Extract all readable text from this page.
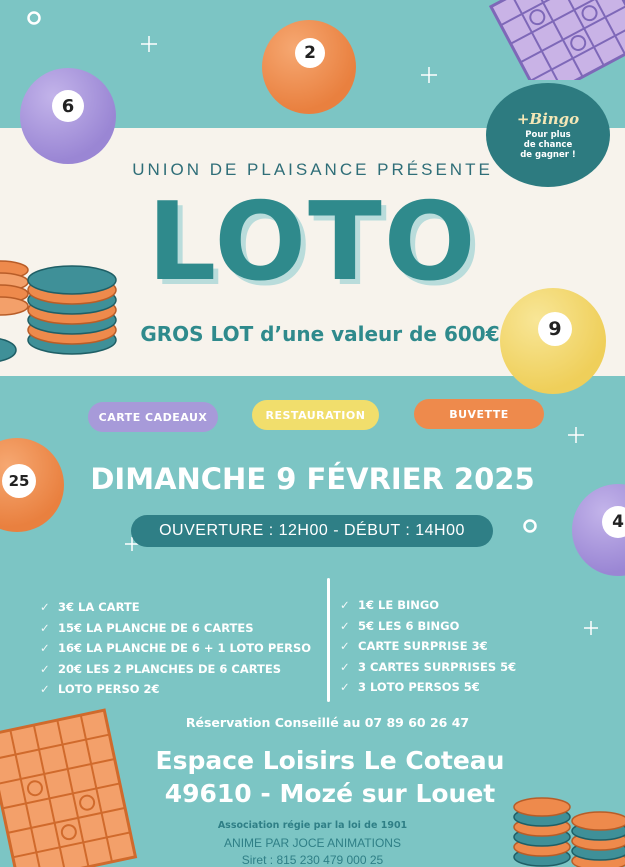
6
2
9
25
4
+Bingo
Pour plus
de chance
de gagner !
UNION DE PLAISANCE PRÉSENTE
LOTO
GROS LOT d’une valeur de 600€
CARTE CADEAUX	RESTAURATION	BUVETTE
DIMANCHE 9 FÉVRIER 2025
OUVERTURE : 12H00 - DÉBUT : 14H00
✓ 3€ LA CARTE
✓ 15€ LA PLANCHE DE 6 CARTES
✓ 16€ LA PLANCHE DE 6 + 1 LOTO PERSO
✓ 20€ LES 2 PLANCHES DE 6 CARTES
✓ LOTO PERSO 2€
✓ 1€ LE BINGO
✓ 5€ LES 6 BINGO
✓ CARTE SURPRISE 3€
✓ 3 CARTES SURPRISES 5€
✓ 3 LOTO PERSOS 5€
Réservation Conseillé au 07 89 60 26 47
Espace Loisirs Le Coteau
49610 - Mozé sur Louet
Association régie par la loi de 1901
ANIME PAR JOCE ANIMATIONS
Siret : 815 230 479 000 25
